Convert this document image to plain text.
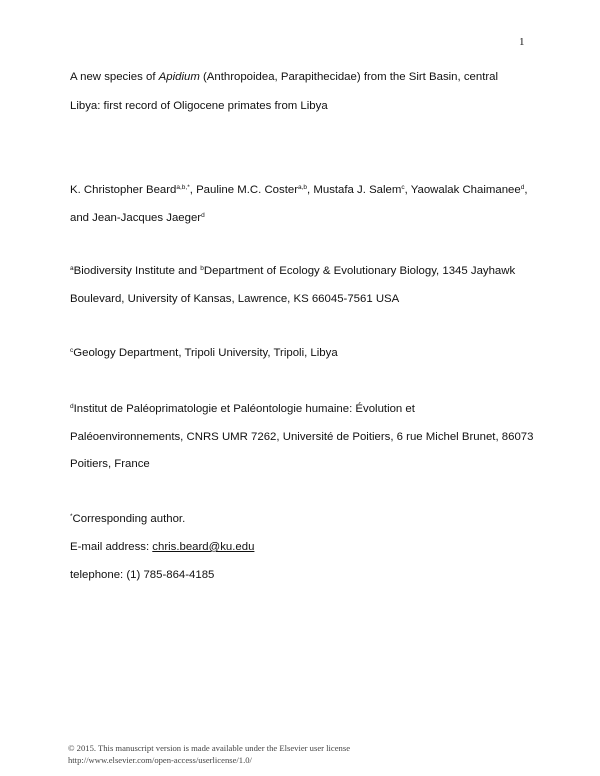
1
A new species of Apidium (Anthropoidea, Parapithecidae) from the Sirt Basin, central
Libya: first record of Oligocene primates from Libya
K. Christopher Beard$^{a,b,*}$, Pauline M.C. Coster$^{a,b}$, Mustafa J. Salem$^c$, Yaowalak Chaimanee$^d$,
and Jean-Jacques Jaeger$^d$
$^a$Biodiversity Institute and $^b$Department of Ecology & Evolutionary Biology, 1345 Jayhawk
Boulevard, University of Kansas, Lawrence, KS 66045-7561 USA
$^c$Geology Department, Tripoli University, Tripoli, Libya
$^d$Institut de Paléoprimatologie et Paléontologie humaine: Évolution et
Paléoenvironnements, CNRS UMR 7262, Université de Poitiers, 6 rue Michel Brunet, 86073
Poitiers, France
*Corresponding author.
E-mail address: chris.beard@ku.edu
telephone: (1) 785-864-4185
© 2015. This manuscript version is made available under the Elsevier user license
http://www.elsevier.com/open-access/userlicense/1.0/
